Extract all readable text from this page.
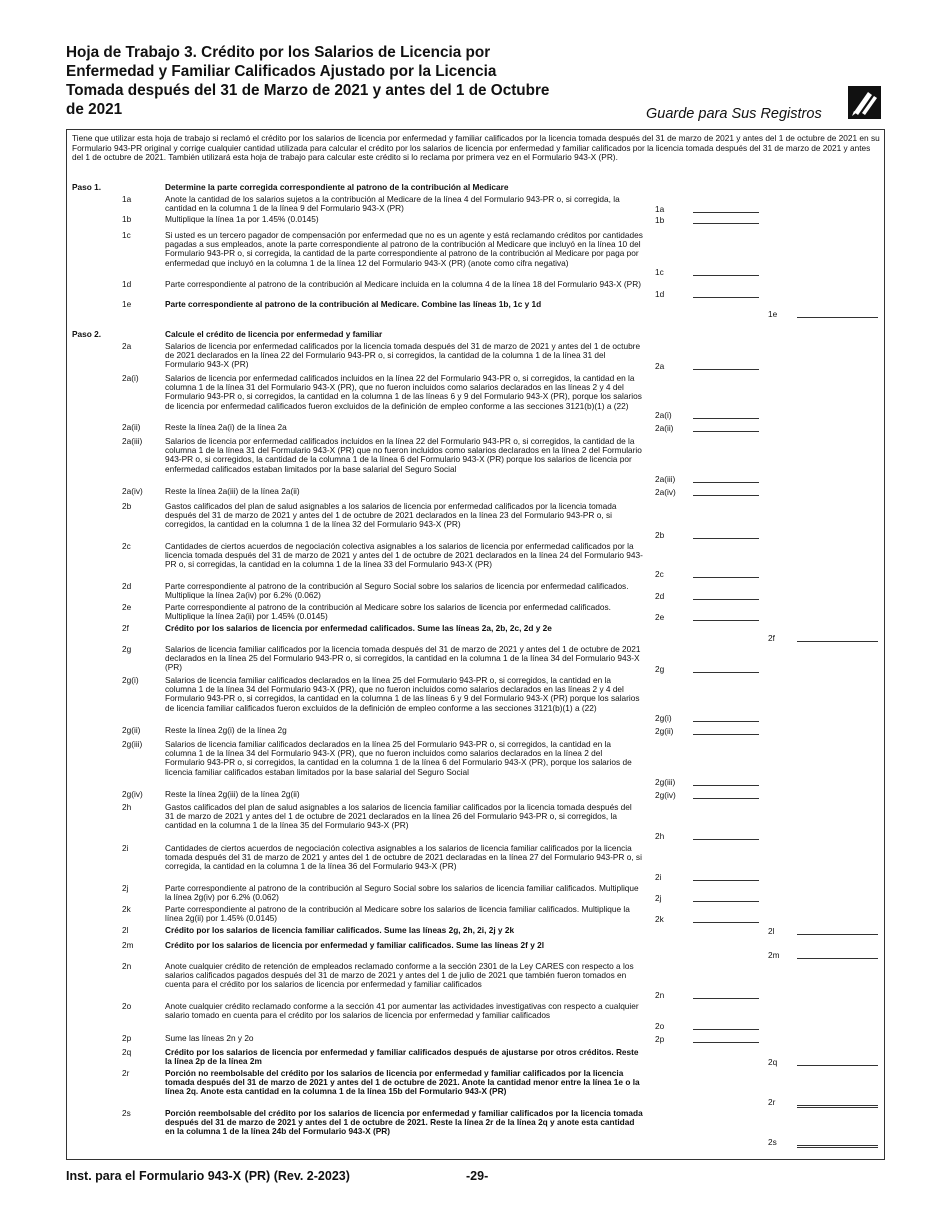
Hoja de Trabajo 3. Crédito por los Salarios de Licencia por
Enfermedad y Familiar Calificados Ajustado por la Licencia
Tomada después del 31 de Marzo de 2021 y antes del 1 de Octubre
de 2021	Guarde para Sus Registros
Tiene que utilizar esta hoja de trabajo si reclamó el crédito por los salarios de licencia por enfermedad y familiar calificados por la licencia tomada después del 31 de marzo de 2021 y antes del 1 de octubre de 2021 en su Formulario 943-PR original y corrige cualquier cantidad utilizada para calcular el crédito por los salarios de licencia por enfermedad y familiar calificados por la licencia tomada después del 31 de marzo de 2021 y antes del 1 de octubre de 2021. También utilizará esta hoja de trabajo para calcular este crédito si lo reclama por primera vez en el Formulario 943-X (PR).
Paso 1.	Determine la parte corregida correspondiente al patrono de la contribución al Medicare
1a	Anote la cantidad de los salarios sujetos a la contribución al Medicare de la línea 4 del Formulario 943-PR o, si corregida, la cantidad en la columna 1 de la línea 9 del Formulario 943-X (PR)	1a
1b	Multiplique la línea 1a por 1.45% (0.0145)	1b
1c	Si usted es un tercero pagador de compensación por enfermedad que no es un agente y está reclamando créditos por cantidades pagadas a sus empleados, anote la parte correspondiente al patrono de la contribución al Medicare que incluyó en la línea 10 del Formulario 943-PR o, si corregida, la cantidad de la parte correspondiente al patrono de la contribución al Medicare por paga por enfermedad que incluyó en la columna 1 de la línea 12 del Formulario 943-X (PR) (anote como cifra negativa)
1c
1d	Parte correspondiente al patrono de la contribución al Medicare incluida en la columna 4 de la línea 18 del Formulario 943-X (PR)
1d
1e	Parte correspondiente al patrono de la contribución al Medicare. Combine las líneas 1b, 1c y 1d
1e
Paso 2.	Calcule el crédito de licencia por enfermedad y familiar
2a	Salarios de licencia por enfermedad calificados por la licencia tomada después del 31 de marzo de 2021 y antes del 1 de octubre de 2021 declarados en la línea 22 del Formulario 943-PR o, si corregidos, la cantidad de la columna 1 de la línea 31 del Formulario 943-X (PR)	2a
2a(i)	Salarios de licencia por enfermedad calificados incluidos en la línea 22 del Formulario 943-PR o, si corregidos, la cantidad en la columna 1 de la línea 31 del Formulario 943-X (PR), que no fueron incluidos como salarios declarados en las líneas 2 y 4 del Formulario 943-PR o, si corregidos, la cantidad en la columna 1 de las líneas 6 y 9 del Formulario 943-X (PR), porque los salarios de licencia por enfermedad calificados fueron excluidos de la definición de empleo conforme a las secciones 3121(b)(1) a (22)
2a(i)
2a(ii)	Reste la línea 2a(i) de la línea 2a	2a(ii)
2a(iii)	Salarios de licencia por enfermedad calificados incluidos en la línea 22 del Formulario 943-PR o, si corregidos, la cantidad de la columna 1 de la línea 31 del Formulario 943-X (PR) que no fueron incluidos como salarios declarados en la línea 2 del Formulario 943-PR o, si corregidos, la cantidad de la columna 1 de la línea 6 del Formulario 943-X (PR) porque los salarios de licencia por enfermedad calificados estaban limitados por la base salarial del Seguro Social
2a(iii)
2a(iv)	Reste la línea 2a(iii) de la línea 2a(ii)	2a(iv)
2b	Gastos calificados del plan de salud asignables a los salarios de licencia por enfermedad calificados por la licencia tomada después del 31 de marzo de 2021 y antes del 1 de octubre de 2021 declarados en la línea 23 del Formulario 943-PR o, si corregidos, la cantidad en la columna 1 de la línea 32 del Formulario 943-X (PR)
2b
2c	Cantidades de ciertos acuerdos de negociación colectiva asignables a los salarios de licencia por enfermedad calificados por la licencia tomada después del 31 de marzo de 2021 y antes del 1 de octubre de 2021 declarados en la línea 24 del Formulario 943-PR o, si corregidas, la cantidad en la columna 1 de la línea 33 del Formulario 943-X (PR)
2c
2d	Parte correspondiente al patrono de la contribución al Seguro Social sobre los salarios de licencia por enfermedad calificados. Multiplique la línea 2a(iv) por 6.2% (0.062)	2d
2e	Parte correspondiente al patrono de la contribución al Medicare sobre los salarios de licencia por enfermedad calificados. Multiplique la línea 2a(ii) por 1.45% (0.0145)	2e
2f	Crédito por los salarios de licencia por enfermedad calificados. Sume las líneas 2a, 2b, 2c, 2d y 2e
2f
2g	Salarios de licencia familiar calificados por la licencia tomada después del 31 de marzo de 2021 y antes del 1 de octubre de 2021 declarados en la línea 25 del Formulario 943-PR o, si corregidos, la cantidad en la columna 1 de la línea 34 del Formulario 943-X (PR)	2g
2g(i)	Salarios de licencia familiar calificados declarados en la línea 25 del Formulario 943-PR o, si corregidos, la cantidad en la columna 1 de la línea 34 del Formulario 943-X (PR), que no fueron incluidos como salarios declarados en las líneas 2 y 4 del Formulario 943-PR o, si corregidos, la cantidad en la columna 1 de las líneas 6 y 9 del Formulario 943-X (PR) porque los salarios de licencia familiar calificados fueron excluidos de la definición de empleo conforme a las secciones 3121(b)(1) a (22)
2g(i)
2g(ii)	Reste la línea 2g(i) de la línea 2g	2g(ii)
2g(iii)	Salarios de licencia familiar calificados declarados en la línea 25 del Formulario 943-PR o, si corregidos, la cantidad en la columna 1 de la línea 34 del Formulario 943-X (PR), que no fueron incluidos como salarios declarados en la línea 2 del Formulario 943-PR o, si corregidos, la cantidad en la columna 1 de la línea 6 del Formulario 943-X (PR), porque los salarios de licencia familiar calificados estaban limitados por la base salarial del Seguro Social
2g(iii)
2g(iv)	Reste la línea 2g(iii) de la línea 2g(ii)	2g(iv)
2h	Gastos calificados del plan de salud asignables a los salarios de licencia familiar calificados por la licencia tomada después del 31 de marzo de 2021 y antes del 1 de octubre de 2021 declarados en la línea 26 del Formulario 943-PR o, si corregidos, la cantidad en la columna 1 de la línea 35 del Formulario 943-X (PR)
2h
2i	Cantidades de ciertos acuerdos de negociación colectiva asignables a los salarios de licencia familiar calificados por la licencia tomada después del 31 de marzo de 2021 y antes del 1 de octubre de 2021 declaradas en la línea 27 del Formulario 943-PR o, si corregida, la cantidad en la columna 1 de la línea 36 del Formulario 943-X (PR)
2i
2j	Parte correspondiente al patrono de la contribución al Seguro Social sobre los salarios de licencia familiar calificados. Multiplique la línea 2g(iv) por 6.2% (0.062)	2j
2k	Parte correspondiente al patrono de la contribución al Medicare sobre los salarios de licencia familiar calificados. Multiplique la línea 2g(ii) por 1.45% (0.0145)	2k
2l	Crédito por los salarios de licencia familiar calificados. Sume las líneas 2g, 2h, 2i, 2j y 2k	2l
2m	Crédito por los salarios de licencia por enfermedad y familiar calificados. Sume las líneas 2f y 2l
2m
2n	Anote cualquier crédito de retención de empleados reclamado conforme a la sección 2301 de la Ley CARES con respecto a los salarios calificados pagados después del 31 de marzo de 2021 y antes del 1 de julio de 2021 que también fueron tomados en cuenta para el crédito por los salarios de licencia por enfermedad y familiar calificados
2n
2o	Anote cualquier crédito reclamado conforme a la sección 41 por aumentar las actividades investigativas con respecto a cualquier salario tomado en cuenta para el crédito por los salarios de licencia por enfermedad y familiar calificados
2o
2p	Sume las líneas 2n y 2o	2p
2q	Crédito por los salarios de licencia por enfermedad y familiar calificados después de ajustarse por otros créditos. Reste la línea 2p de la línea 2m	2q
2r	Porción no reembolsable del crédito por los salarios de licencia por enfermedad y familiar calificados por la licencia tomada después del 31 de marzo de 2021 y antes del 1 de octubre de 2021. Anote la cantidad menor entre la línea 1e o la línea 2q. Anote esta cantidad en la columna 1 de la línea 15b del Formulario 943-X (PR)
2r
2s	Porción reembolsable del crédito por los salarios de licencia por enfermedad y familiar calificados por la licencia tomada después del 31 de marzo de 2021 y antes del 1 de octubre de 2021. Reste la línea 2r de la línea 2q y anote esta cantidad en la columna 1 de la línea 24b del Formulario 943-X (PR)
2s
Inst. para el Formulario 943-X (PR) (Rev. 2-2023)	-29-
